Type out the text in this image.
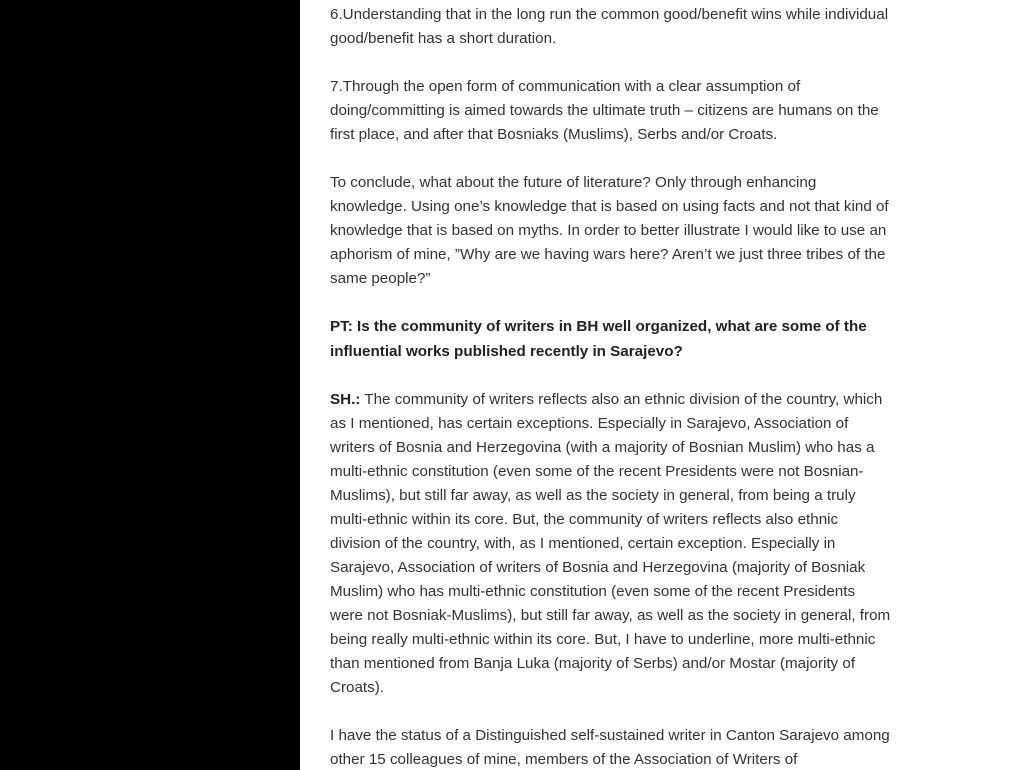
6.Understanding that in the long run the common good/benefit wins while individual good/benefit has a short duration.

7.Through the open form of communication with a clear assumption of doing/committing is aimed towards the ultimate truth – citizens are humans on the first place, and after that Bosniaks (Muslims), Serbs and/or Croats.

To conclude, what about the future of literature? Only through enhancing knowledge. Using one’s knowledge that is based on using facts and not that kind of knowledge that is based on myths. In order to better illustrate I would like to use an aphorism of mine, ”Why are we having wars here? Aren’t we just three tribes of the same people?”

PT: Is the community of writers in BH well organized, what are some of the influential works published recently in Sarajevo?

SH.: The community of writers reflects also an ethnic division of the country, which as I mentioned, has certain exceptions. Especially in Sarajevo, Association of writers of Bosnia and Herzegovina (with a majority of Bosnian Muslim) who has a multi-ethnic constitution (even some of the recent Presidents were not Bosnian-Muslims), but still far away, as well as the society in general, from being a truly multi-ethnic within its core. But, the community of writers reflects also ethnic division of the country, with, as I mentioned, certain exception. Especially in Sarajevo, Association of writers of Bosnia and Herzegovina (majority of Bosniak Muslim) who has multi-ethnic constitution (even some of the recent Presidents were not Bosniak-Muslims), but still far away, as well as the society in general, from being really multi-ethnic within its core. But, I have to underline, more multi-ethnic than mentioned from Banja Luka (majority of Serbs) and/or Mostar (majority of Croats).

I have the status of a Distinguished self-sustained writer in Canton Sarajevo among other 15 colleagues of mine, members of the Association of Writers of
